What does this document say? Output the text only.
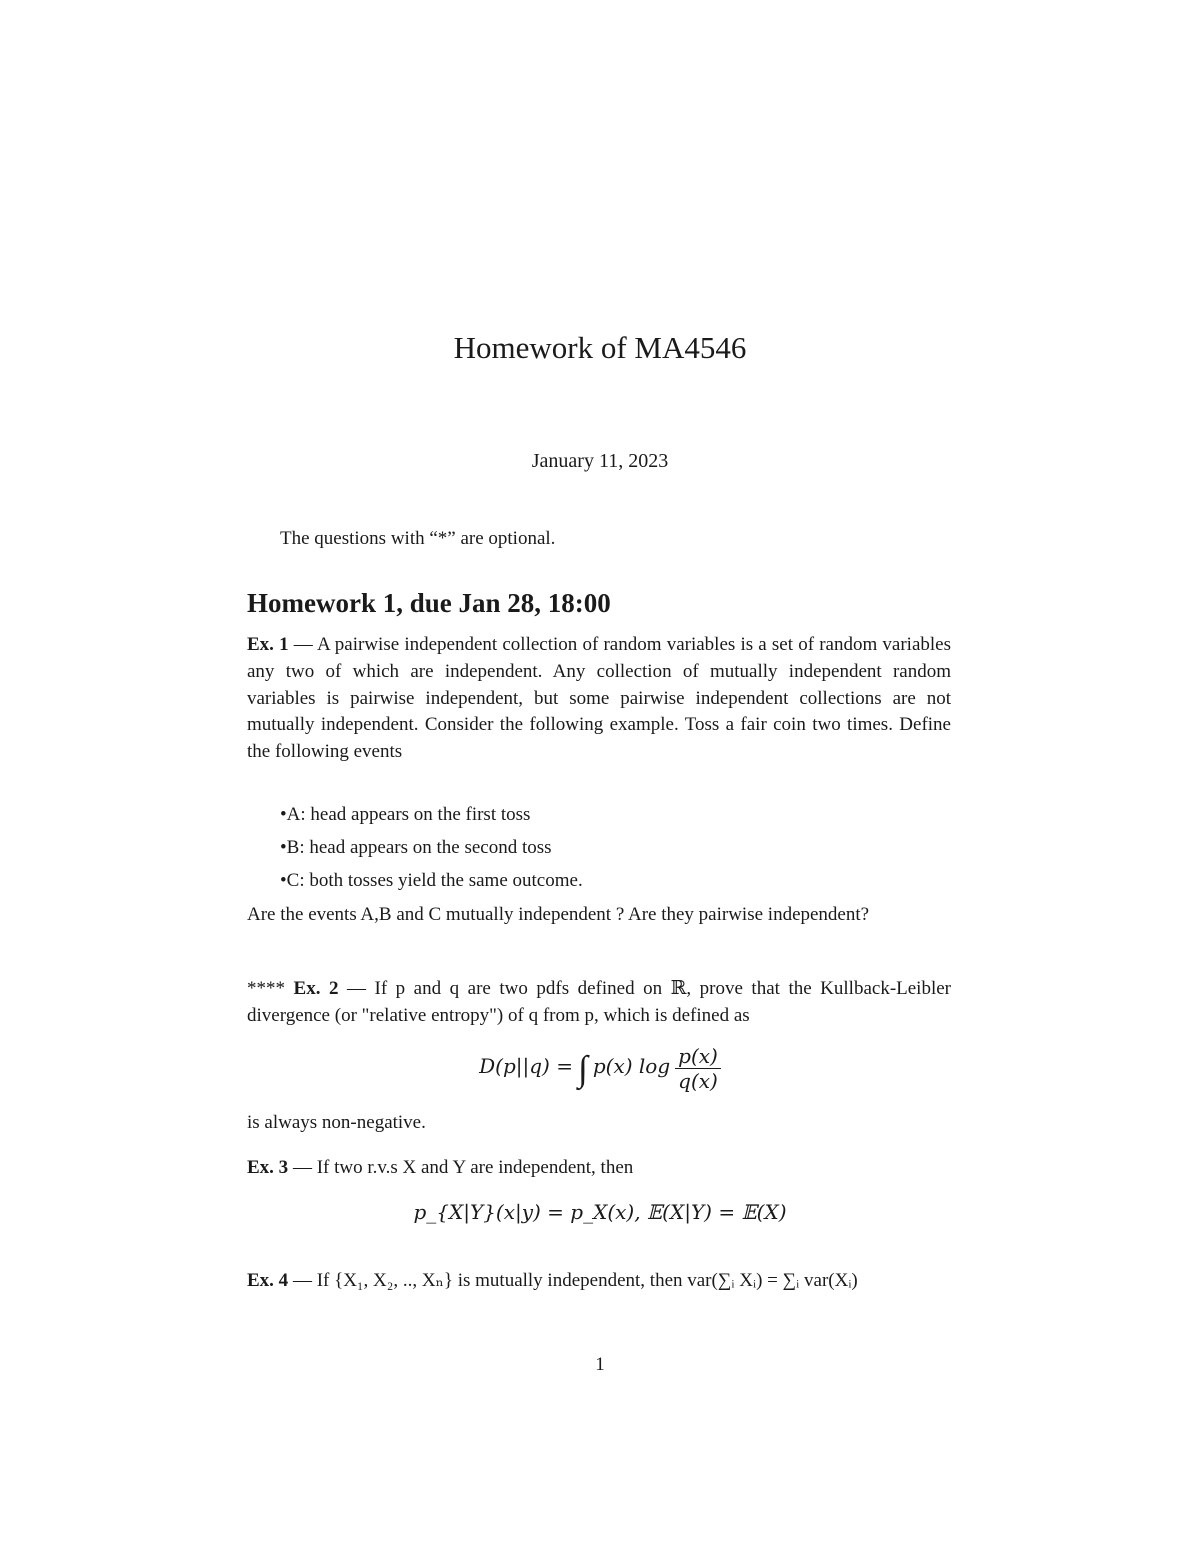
Homework of MA4546
January 11, 2023
The questions with “*” are optional.
Homework 1, due Jan 28, 18:00
Ex. 1 — A pairwise independent collection of random variables is a set of random variables any two of which are independent. Any collection of mutually independent random variables is pairwise independent, but some pairwise independent collections are not mutually independent. Consider the following example. Toss a fair coin two times. Define the following events
•A: head appears on the first toss
•B: head appears on the second toss
•C: both tosses yield the same outcome.
Are the events A,B and C mutually independent ? Are they pairwise independent?
**** Ex. 2 — If p and q are two pdfs defined on ℝ, prove that the Kullback-Leibler divergence (or "relative entropy") of q from p, which is defined as
D(p||q) = ∫ p(x) $\log \frac{p(x)}{q(x)}$
is always non-negative.
Ex. 3 — If two r.v.s X and Y are independent, then
p_{X|Y}(x|y) = p_X(x), 𝔼(X|Y) = 𝔼(X)
Ex. 4 — If {X₁, X₂, .., Xₙ} is mutually independent, then var(∑ᵢ Xᵢ) = ∑ᵢ var(Xᵢ)
1
